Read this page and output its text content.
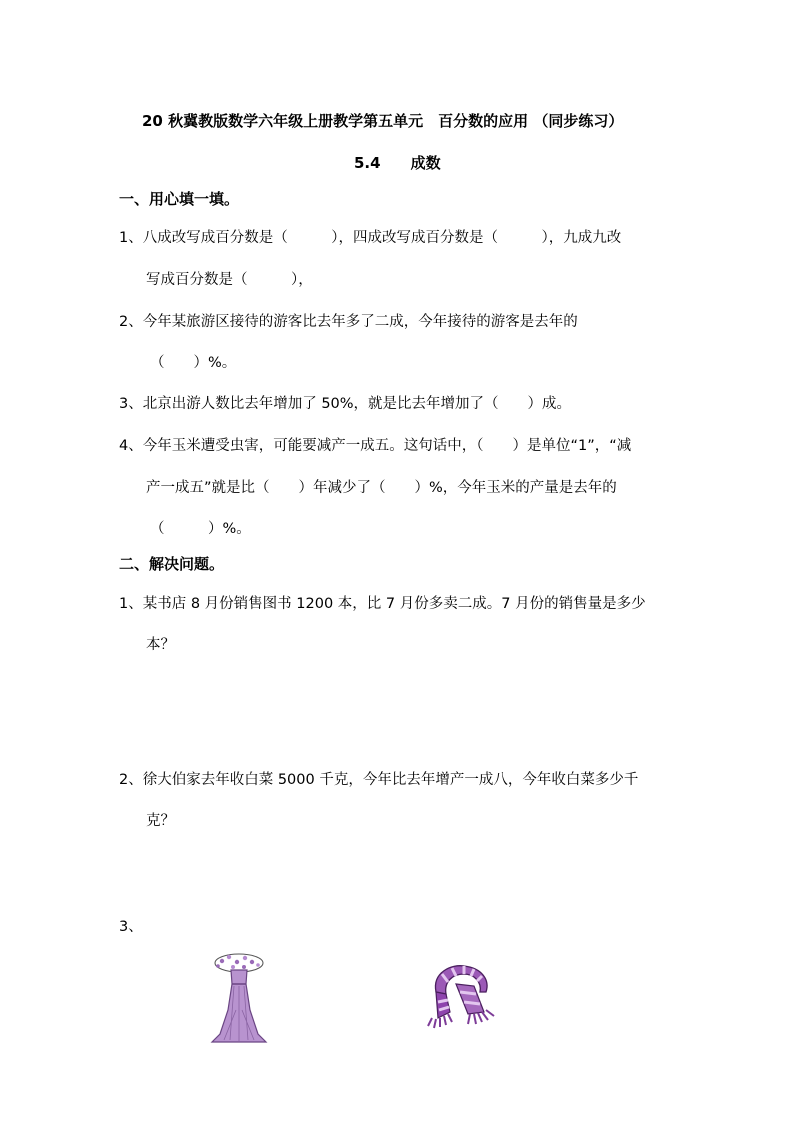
20 秋冀教版数学六年级上册教学第五单元　百分数的应用 （同步练习）
5.4　　成数
一、用心填一填。
1、八成改写成百分数是（　　　），四成改写成百分数是（　　　），九成九改
写成百分数是（　　　），
2、今年某旅游区接待的游客比去年多了二成，今年接待的游客是去年的
（　　）%。
3、北京出游人数比去年增加了 50%，就是比去年增加了（　　）成。
4、今年玉米遭受虫害，可能要减产一成五。这句话中，（　　）是单位“1”，“减
产一成五”就是比（　　）年减少了（　　）%，今年玉米的产量是去年的
（　　　）%。
二、解决问题。
1、某书店 8 月份销售图书 1200 本，比 7 月份多卖二成。7 月份的销售量是多少
本？
2、徐大伯家去年收白菜 5000 千克，今年比去年增产一成八，今年收白菜多少千
克？
3、
